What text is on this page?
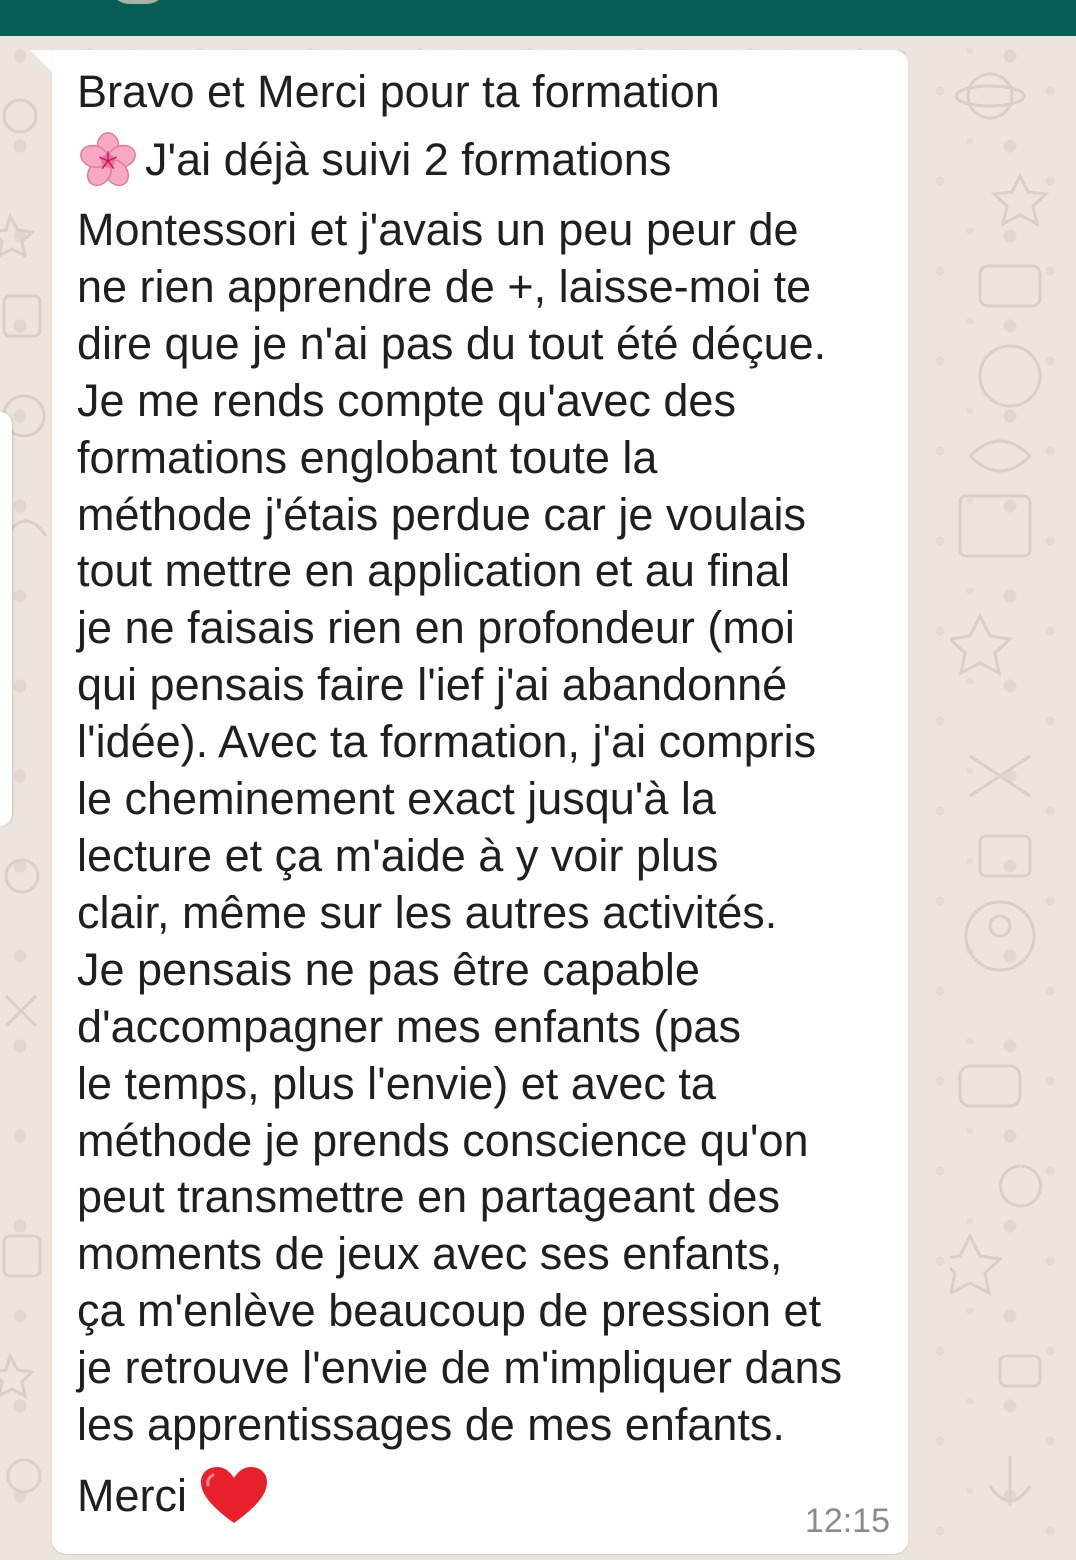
Bravo et Merci pour ta formation
J'ai déjà suivi 2 formations
Montessori et j'avais un peu peur de
ne rien apprendre de +, laisse-moi te
dire que je n'ai pas du tout été déçue.
Je me rends compte qu'avec des
formations englobant toute la
méthode j'étais perdue car je voulais
tout mettre en application et au final
je ne faisais rien en profondeur (moi
qui pensais faire l'ief j'ai abandonné
l'idée). Avec ta formation, j'ai compris
le cheminement exact jusqu'à la
lecture et ça m'aide à y voir plus
clair, même sur les autres activités.
Je pensais ne pas être capable
d'accompagner mes enfants (pas
le temps, plus l'envie) et avec ta
méthode je prends conscience qu'on
peut transmettre en partageant des
moments de jeux avec ses enfants,
ça m'enlève beaucoup de pression et
je retrouve l'envie de m'impliquer dans
les apprentissages de mes enfants.
Merci	12:15
